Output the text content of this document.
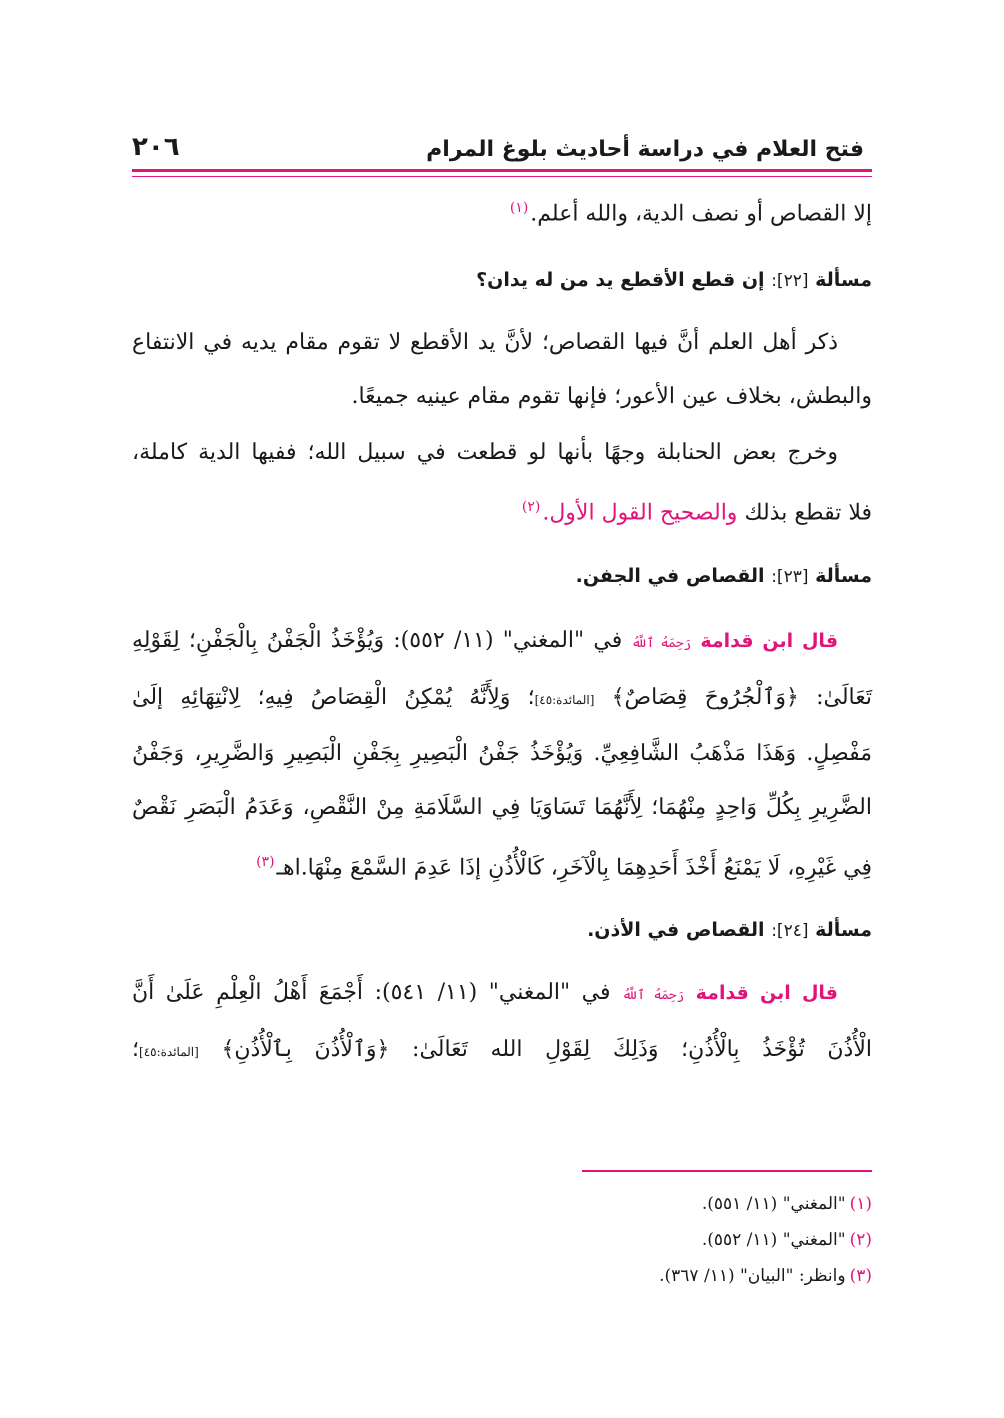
فتح العلام في دراسة أحاديث بلوغ المرام
٢٠٦

إلا القصاص أو نصف الدية، والله أعلم.$^{(١)}$

مسألة [٢٢]: إن قطع الأقطع يد من له يدان؟

ذكر أهل العلم أنَّ فيها القصاص؛ لأنَّ يد الأقطع لا تقوم مقام يديه في الانتفاع

والبطش، بخلاف عين الأعور؛ فإنها تقوم مقام عينيه جميعًا.

وخرج بعض الحنابلة وجهًا بأنها لو قطعت في سبيل الله؛ ففيها الدية كاملة،

فلا تقطع بذلك والصحيح القول الأول.$^{(٢)}$

مسألة [٢٣]: القصاص في الجفن.

قال ابن قدامة رَحِمَهُ ٱللَّهُ في "المغني" (١١/ ٥٥٢): وَيُؤْخَذُ الْجَفْنُ بِالْجَفْنِ؛ لِقَوْلِهِ

تَعَالَىٰ: ﴿وَٱلْجُرُوحَ قِصَاصٌ﴾ [المائدة:٤٥]؛ وَلِأَنَّهُ يُمْكِنُ الْقِصَاصُ فِيهِ؛ لِانْتِهَائِهِ إلَىٰ

مَفْصِلٍ. وَهَذَا مَذْهَبُ الشَّافِعِيِّ. وَيُؤْخَذُ جَفْنُ الْبَصِيرِ بِجَفْنِ الْبَصِيرِ وَالضَّرِيرِ، وَجَفْنُ

الضَّرِيرِ بِكُلِّ وَاحِدٍ مِنْهُمَا؛ لِأَنَّهُمَا تَسَاوَيَا فِي السَّلَامَةِ مِنْ النَّقْصِ، وَعَدَمُ الْبَصَرِ نَقْصٌ

فِي غَيْرِهِ، لَا يَمْنَعُ أَخْذَ أَحَدِهِمَا بِالْآخَرِ، كَالْأُذُنِ إذَا عَدِمَ السَّمْعَ مِنْهَا.اهـ$^{(٣)}$

مسألة [٢٤]: القصاص في الأذن.

قال ابن قدامة رَحِمَهُ ٱللَّهُ في "المغني" (١١/ ٥٤١): أَجْمَعَ أَهْلُ الْعِلْمِ عَلَىٰ أَنَّ

الْأُذُنَ تُؤْخَذُ بِالْأُذُنِ؛ وَذَلِكَ لِقَوْلِ الله تَعَالَىٰ: ﴿وَٱلْأُذُنَ بِٱلْأُذُنِ﴾ [المائدة:٤٥]؛

(١)"المغني" (١١/ ٥٥١).

(٢)"المغني" (١١/ ٥٥٢).

(٣)وانظر: "البيان" (١١/ ٣٦٧).
